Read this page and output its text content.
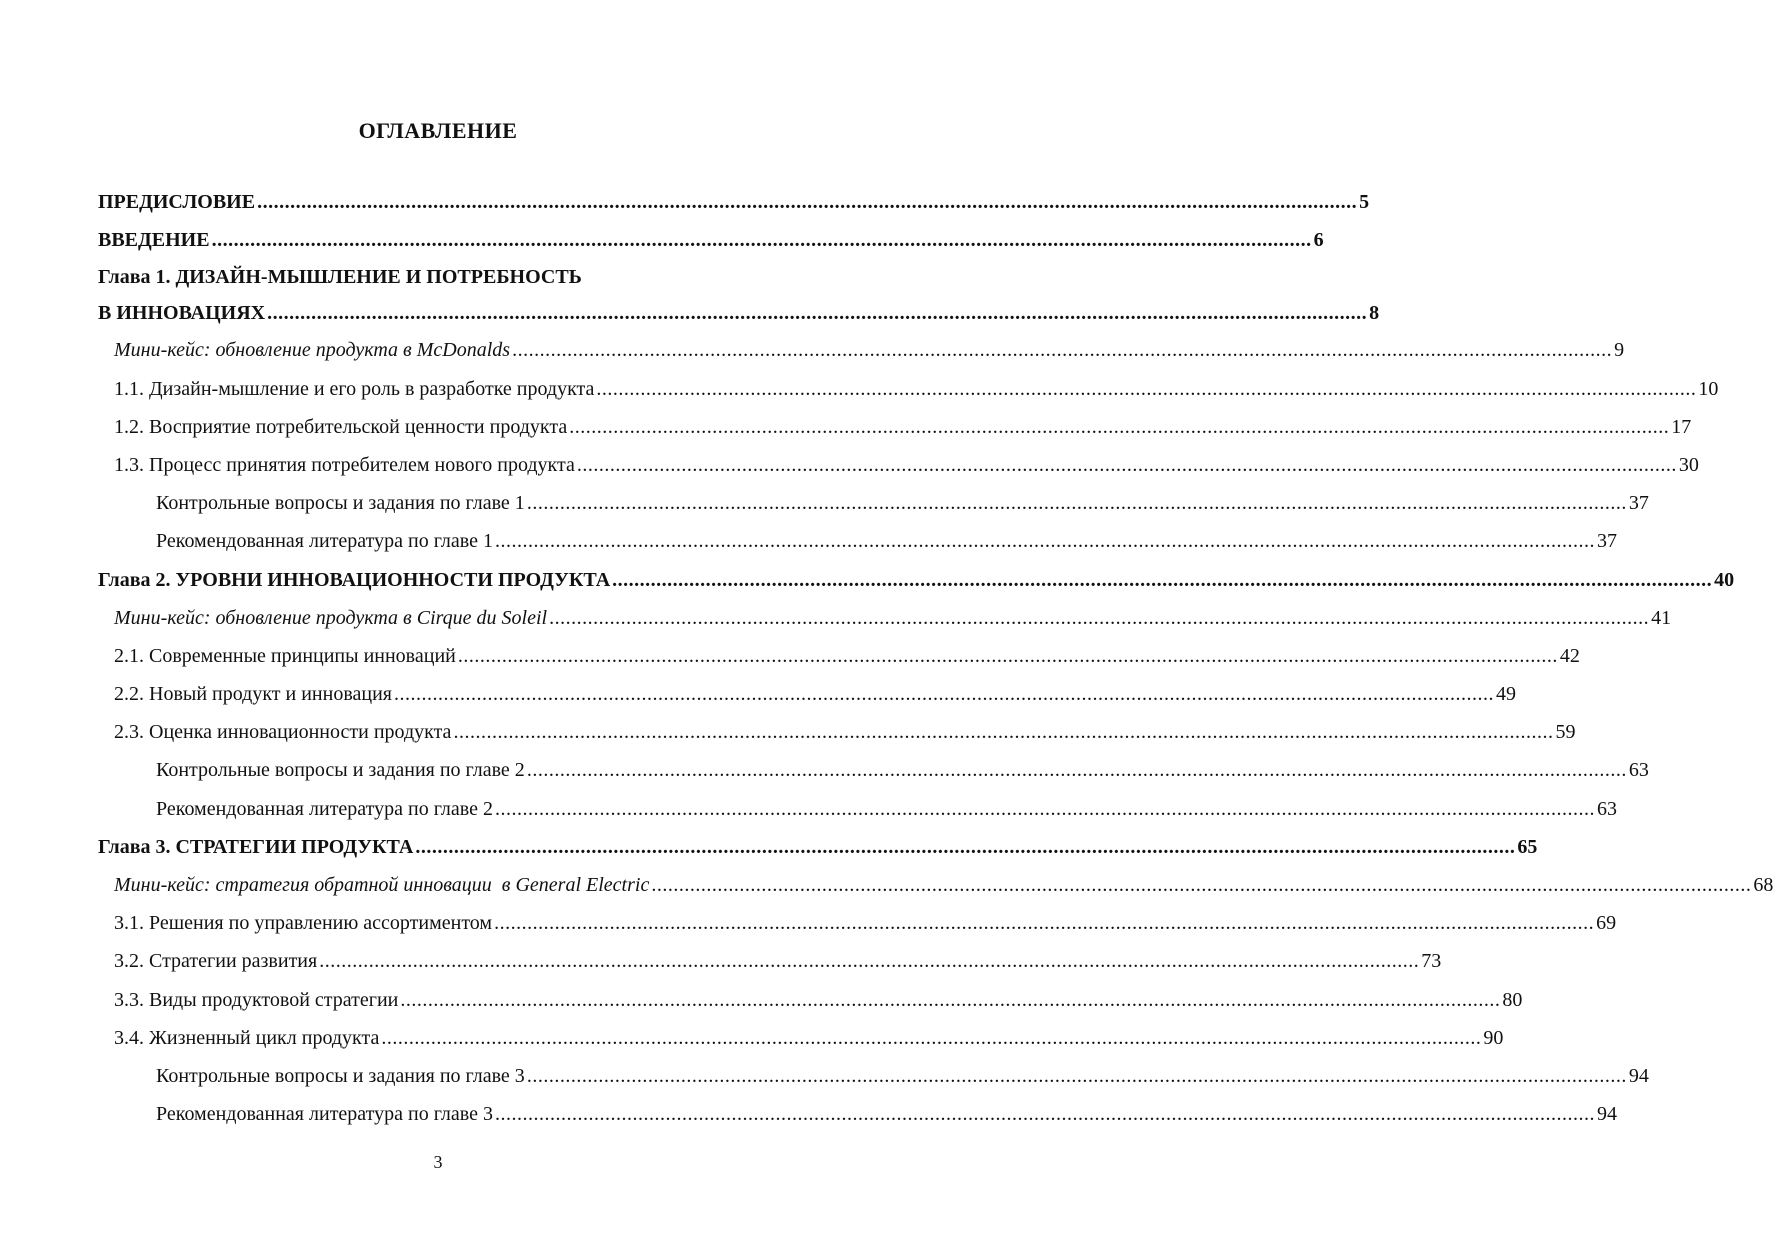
ОГЛАВЛЕНИЕ
ПРЕДИСЛОВИЕ ........................................................................................................................................................................................................ 5
ВВЕДЕНИЕ ........................................................................................................................................................................................................ 6
Глава 1. ДИЗАЙН-МЫШЛЕНИЕ И ПОТРЕБНОСТЬ
В ИННОВАЦИЯХ ........................................................................................................................................................................................................ 8
Мини-кейс: обновление продукта в McDonalds ........................................................................................................................................................................................................ 9
1.1. Дизайн-мышление и его роль в разработке продукта ........................................................................................................................................................................................................ 10
1.2. Восприятие потребительской ценности продукта ........................................................................................................................................................................................................ 17
1.3. Процесс принятия потребителем нового продукта ........................................................................................................................................................................................................ 30
Контрольные вопросы и задания по главе 1 ........................................................................................................................................................................................................ 37
Рекомендованная литература по главе 1 ........................................................................................................................................................................................................ 37
Глава 2. УРОВНИ ИННОВАЦИОННОСТИ ПРОДУКТА ........................................................................................................................................................................................................ 40
Мини-кейс: обновление продукта в Cirque du Soleil ........................................................................................................................................................................................................ 41
2.1. Современные принципы инноваций ........................................................................................................................................................................................................ 42
2.2. Новый продукт и инновация ........................................................................................................................................................................................................ 49
2.3. Оценка инновационности продукта ........................................................................................................................................................................................................ 59
Контрольные вопросы и задания по главе 2 ........................................................................................................................................................................................................ 63
Рекомендованная литература по главе 2 ........................................................................................................................................................................................................ 63
Глава 3. СТРАТЕГИИ ПРОДУКТА ........................................................................................................................................................................................................ 65
Мини-кейс: стратегия обратной инновации  в General Electric ........................................................................................................................................................................................................ 68
3.1. Решения по управлению ассортиментом ........................................................................................................................................................................................................ 69
3.2. Стратегии развития ........................................................................................................................................................................................................ 73
3.3. Виды продуктовой стратегии ........................................................................................................................................................................................................ 80
3.4. Жизненный цикл продукта ........................................................................................................................................................................................................ 90
Контрольные вопросы и задания по главе 3 ........................................................................................................................................................................................................ 94
Рекомендованная литература по главе 3 ........................................................................................................................................................................................................ 94
3
